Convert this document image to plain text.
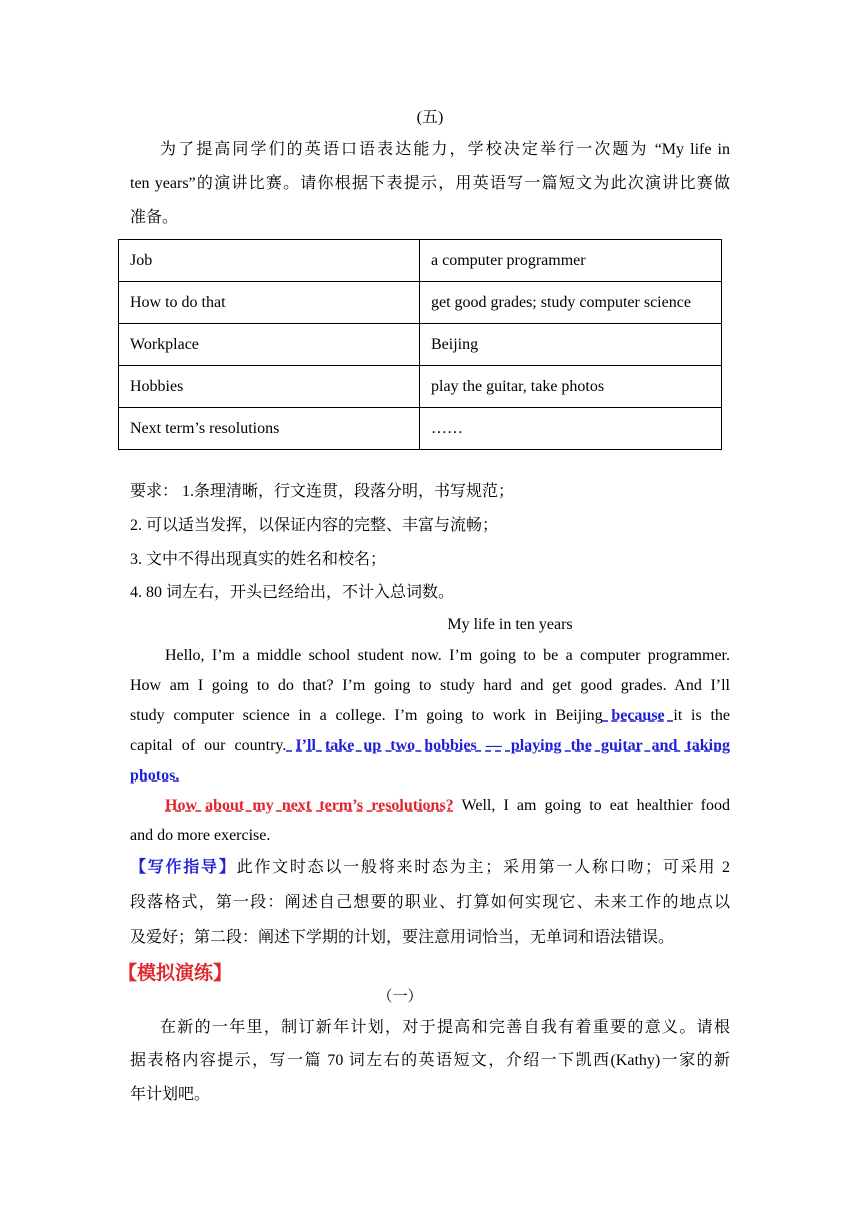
(五)
为了提高同学们的英语口语表达能力，学校决定举行一次题为 “My life in
ten years”的演讲比赛。请你根据下表提示，用英语写一篇短文为此次演讲比赛做
准备。
Job	a computer programmer
How to do that	get good grades; study computer science
Workplace	Beijing
Hobbies	play the guitar, take photos
Next term’s resolutions	……
要求： 1.条理清晰，行文连贯，段落分明，书写规范；
2. 可以适当发挥，以保证内容的完整、丰富与流畅；
3. 文中不得出现真实的姓名和校名；
4. 80 词左右，开头已经给出，不计入总词数。
My life in ten years
Hello, I’m a middle school student now. I’m going to be a computer programmer.
How am I going to do that? I’m going to study hard and get good grades. And I’ll
study computer science in a college. I’m going to work in Beijing because it is the
capital of our country. I’ll take up two hobbies — playing the guitar and taking
photos.
How about my next term’s resolutions? Well, I am going to eat healthier food
and do more exercise.
【写作指导】此作文时态以一般将来时态为主；采用第一人称口吻；可采用 2
段落格式，第一段：阐述自己想要的职业、打算如何实现它、未来工作的地点以
及爱好；第二段：阐述下学期的计划，要注意用词恰当，无单词和语法错误。
【模拟演练】
（一）
在新的一年里，制订新年计划，对于提高和完善自我有着重要的意义。请根
据表格内容提示，写一篇 70 词左右的英语短文，介绍一下凯西(Kathy)一家的新
年计划吧。
